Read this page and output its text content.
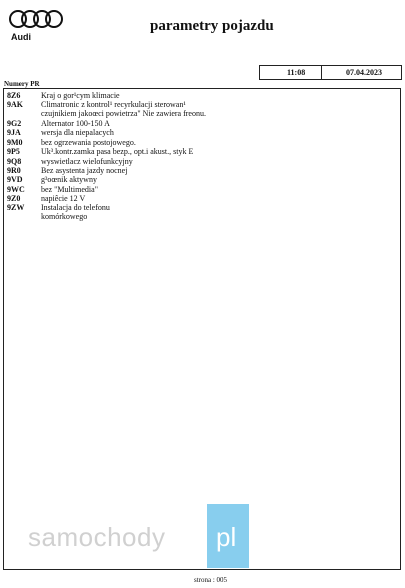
Audi
parametry pojazdu
11:08	07.04.2023
Numery PR
8Z6	Kraj o gor¹cym klimacie
9AK Climatronic z kontrol¹ recyrkulacji sterowan¹
czujnikiem jakoœci powietrza" Nie zawiera freonu.
9G2 Alternator 100-150 A
9JA	wersja dla niepalacych
9M0 bez ogrzewania postojowego.
9P5	Uk³.kontr.zamka pasa bezp., opt.i akust., styk E
9Q8 wyswietlacz wielofunkcyjny
9R0	Bez asystenta jazdy nocnej
9VD g³oœnik aktywny
9WC bez "Multimedia"
9Z0	napiêcie 12 V
9ZW Instalacja do telefonu
komórkowego
samochody pl
strona : 005
